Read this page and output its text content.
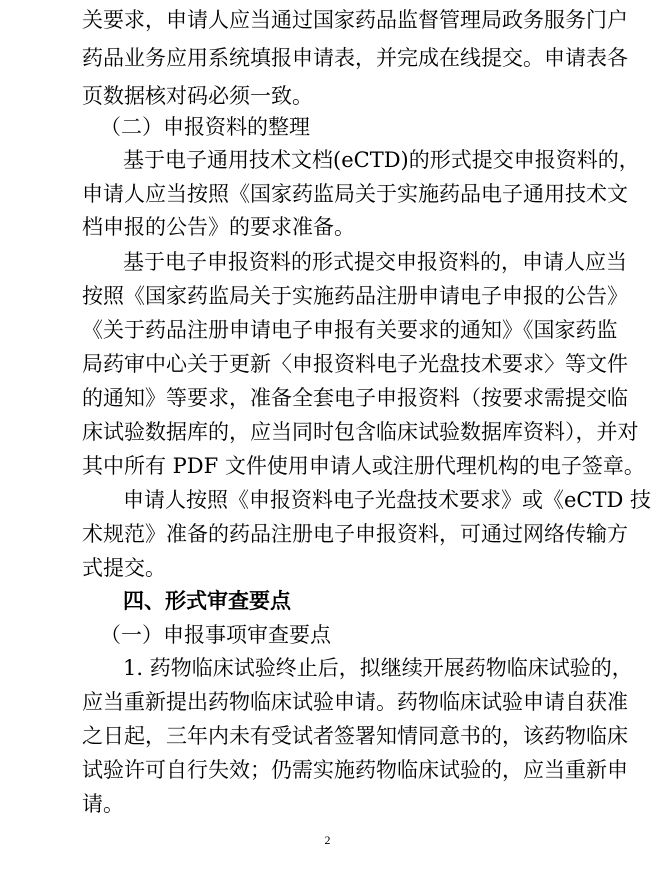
关要求，申请人应当通过国家药品监督管理局政务服务门户
药品业务应用系统填报申请表，并完成在线提交。申请表各
页数据核对码必须一致。
（二）申报资料的整理
基于电子通用技术文档(eCTD)的形式提交申报资料的，
申请人应当按照《国家药监局关于实施药品电子通用技术文
档申报的公告》的要求准备。
基于电子申报资料的形式提交申报资料的，申请人应当
按照《国家药监局关于实施药品注册申请电子申报的公告》
《关于药品注册申请电子申报有关要求的通知》《国家药监
局药审中心关于更新〈申报资料电子光盘技术要求〉等文件
的通知》等要求，准备全套电子申报资料（按要求需提交临
床试验数据库的，应当同时包含临床试验数据库资料），并对
其中所有 PDF 文件使用申请人或注册代理机构的电子签章。
申请人按照《申报资料电子光盘技术要求》或《eCTD 技
术规范》准备的药品注册电子申报资料，可通过网络传输方
式提交。
四、形式审查要点
（一）申报事项审查要点
1. 药物临床试验终止后，拟继续开展药物临床试验的，
应当重新提出药物临床试验申请。药物临床试验申请自获准
之日起，三年内未有受试者签署知情同意书的，该药物临床
试验许可自行失效；仍需实施药物临床试验的，应当重新申
请。
2
